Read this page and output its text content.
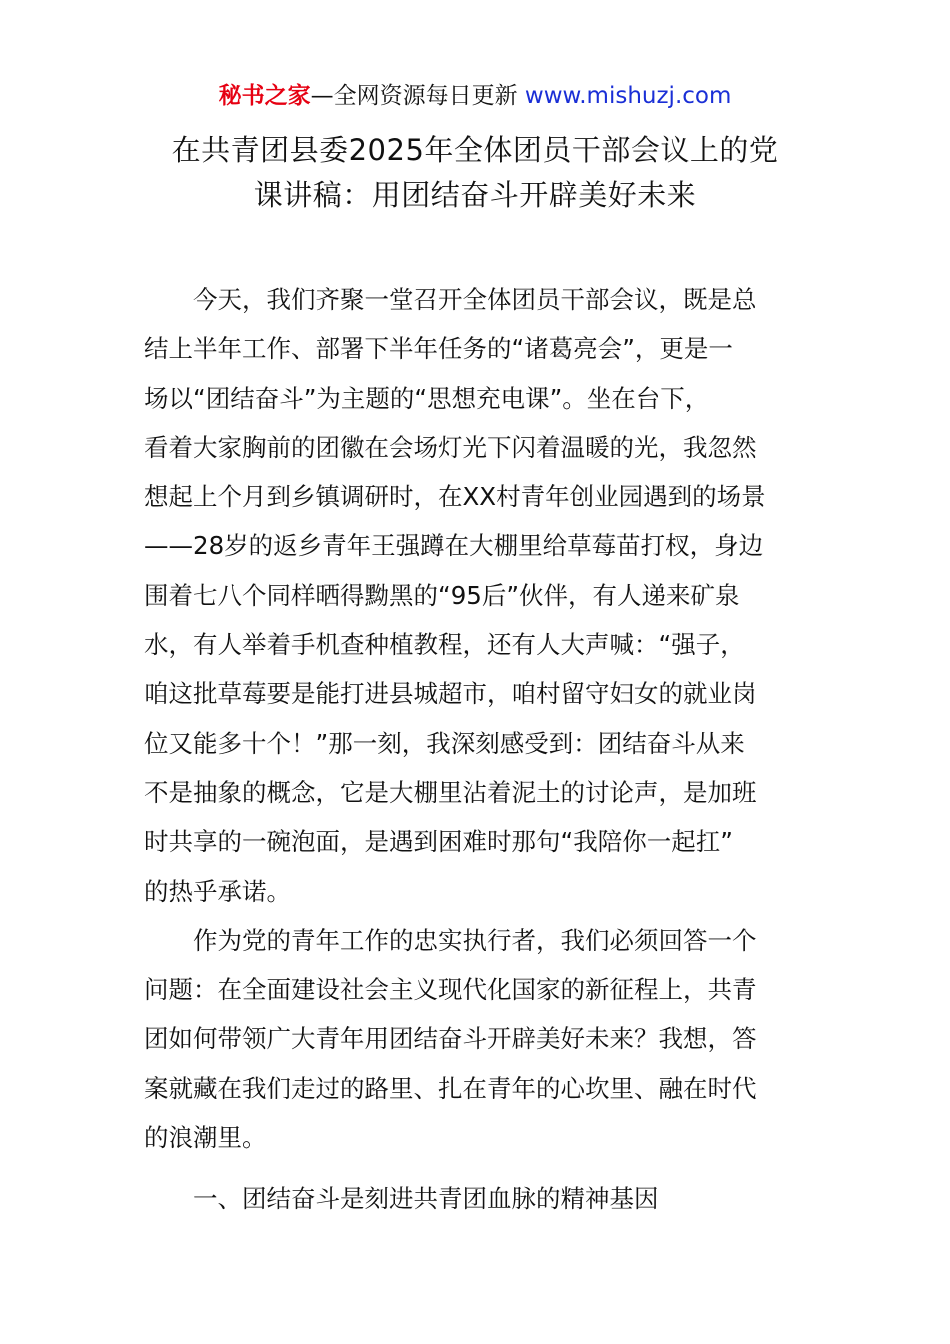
秘书之家—全网资源每日更新 www.mishuzj.com
在共青团县委2025年全体团员干部会议上的党
课讲稿：用团结奋斗开辟美好未来
　　今天，我们齐聚一堂召开全体团员干部会议，既是总
结上半年工作、部署下半年任务的“诸葛亮会”，更是一
场以“团结奋斗”为主题的“思想充电课”。坐在台下，
看着大家胸前的团徽在会场灯光下闪着温暖的光，我忽然
想起上个月到乡镇调研时，在XX村青年创业园遇到的场景
——28岁的返乡青年王强蹲在大棚里给草莓苗打杈，身边
围着七八个同样晒得黝黑的“95后”伙伴，有人递来矿泉
水，有人举着手机查种植教程，还有人大声喊：“强子，
咱这批草莓要是能打进县城超市，咱村留守妇女的就业岗
位又能多十个！”那一刻，我深刻感受到：团结奋斗从来
不是抽象的概念，它是大棚里沾着泥土的讨论声，是加班
时共享的一碗泡面，是遇到困难时那句“我陪你一起扛”
的热乎承诺。
　　作为党的青年工作的忠实执行者，我们必须回答一个
问题：在全面建设社会主义现代化国家的新征程上，共青
团如何带领广大青年用团结奋斗开辟美好未来？我想，答
案就藏在我们走过的路里、扎在青年的心坎里、融在时代
的浪潮里。
　　一、团结奋斗是刻进共青团血脉的精神基因
